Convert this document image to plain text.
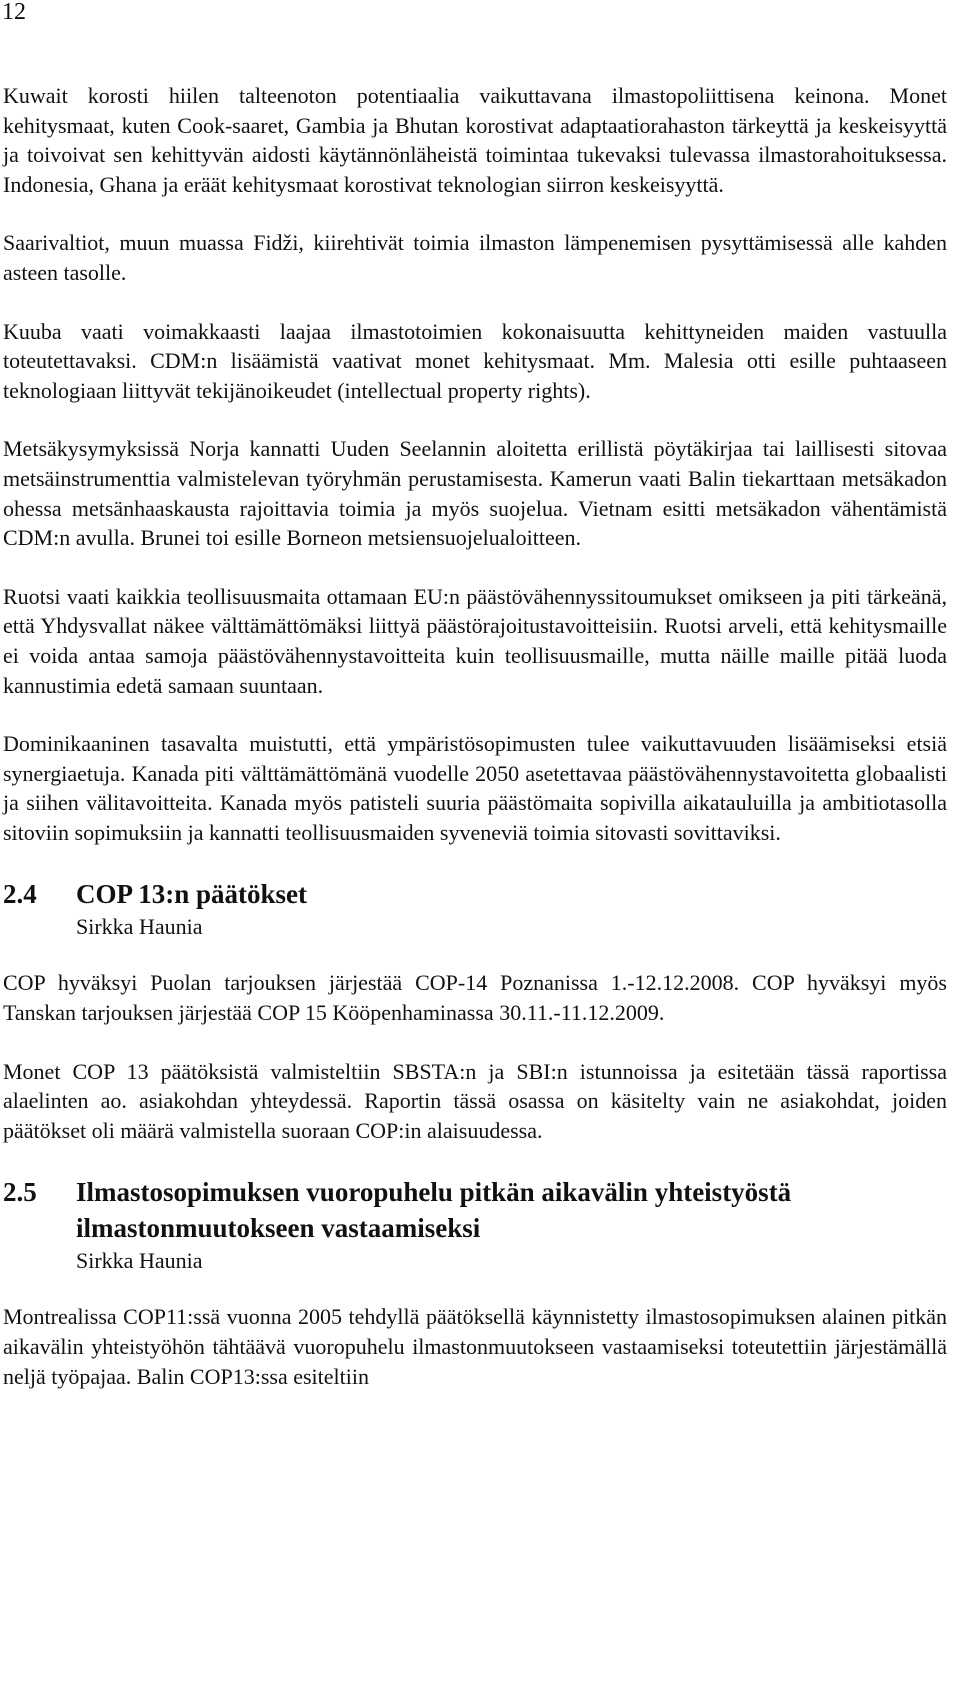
12

Kuwait korosti hiilen talteenoton potentiaalia vaikuttavana ilmastopoliittisena keinona. Monet kehitysmaat, kuten Cook-saaret, Gambia ja Bhutan korostivat adaptaatiorahaston tärkeyttä ja keskeisyyttä ja toivoivat sen kehittyvän aidosti käytännönläheistä toimintaa tukevaksi tulevassa ilmastorahoituksessa. Indonesia, Ghana ja eräät kehitysmaat korostivat teknologian siirron keskeisyyttä.

Saarivaltiot, muun muassa Fidži, kiirehtivät toimia ilmaston lämpenemisen pysyttämisessä alle kahden asteen tasolle.

Kuuba vaati voimakkaasti laajaa ilmastotoimien kokonaisuutta kehittyneiden maiden vastuulla toteutettavaksi. CDM:n lisäämistä vaativat monet kehitysmaat. Mm. Malesia otti esille puhtaaseen teknologiaan liittyvät tekijänoikeudet (intellectual property rights).

Metsäkysymyksissä Norja kannatti Uuden Seelannin aloitetta erillistä pöytäkirjaa tai laillisesti sitovaa metsäinstrumenttia valmistelevan työryhmän perustamisesta. Kamerun vaati Balin tiekarttaan metsäkadon ohessa metsänhaaskausta rajoittavia toimia ja myös suojelua. Vietnam esitti metsäkadon vähentämistä CDM:n avulla. Brunei toi esille Borneon metsiensuojelualoitteen.

Ruotsi vaati kaikkia teollisuusmaita ottamaan EU:n päästövähennyssitoumukset omikseen ja piti tärkeänä, että Yhdysvallat näkee välttämättömäksi liittyä päästörajoitustavoitteisiin. Ruotsi arveli, että kehitysmaille ei voida antaa samoja päästövähennystavoitteita kuin teollisuusmaille, mutta näille maille pitää luoda kannustimia edetä samaan suuntaan.

Dominikaaninen tasavalta muistutti, että ympäristösopimusten tulee vaikuttavuuden lisäämiseksi etsiä synergiaetuja. Kanada piti välttämättömänä vuodelle 2050 asetettavaa päästövähennystavoitetta globaalisti ja siihen välitavoitteita. Kanada myös patisteli suuria päästömaita sopivilla aikatauluilla ja ambitiotasolla sitoviin sopimuksiin ja kannatti teollisuusmaiden syveneviä toimia sitovasti sovittaviksi.

2.4	COP 13:n päätökset
Sirkka Haunia

COP hyväksyi Puolan tarjouksen järjestää COP-14 Poznanissa 1.-12.12.2008. COP hyväksyi myös Tanskan tarjouksen järjestää COP 15 Kööpenhaminassa 30.11.-11.12.2009.

Monet COP 13 päätöksistä valmisteltiin SBSTA:n ja SBI:n istunnoissa ja esitetään tässä raportissa alaelinten ao. asiakohdan yhteydessä. Raportin tässä osassa on käsitelty vain ne asiakohdat, joiden päätökset oli määrä valmistella suoraan COP:in alaisuudessa.

2.5	Ilmastosopimuksen vuoropuhelu pitkän aikavälin yhteistyöstä ilmastonmuutokseen vastaamiseksi
Sirkka Haunia

Montrealissa COP11:ssä vuonna 2005 tehdyllä päätöksellä käynnistetty ilmastosopimuksen alainen pitkän aikavälin yhteistyöhön tähtäävä vuoropuhelu ilmastonmuutokseen vastaamiseksi toteutettiin järjestämällä neljä työpajaa. Balin COP13:ssa esiteltiin
